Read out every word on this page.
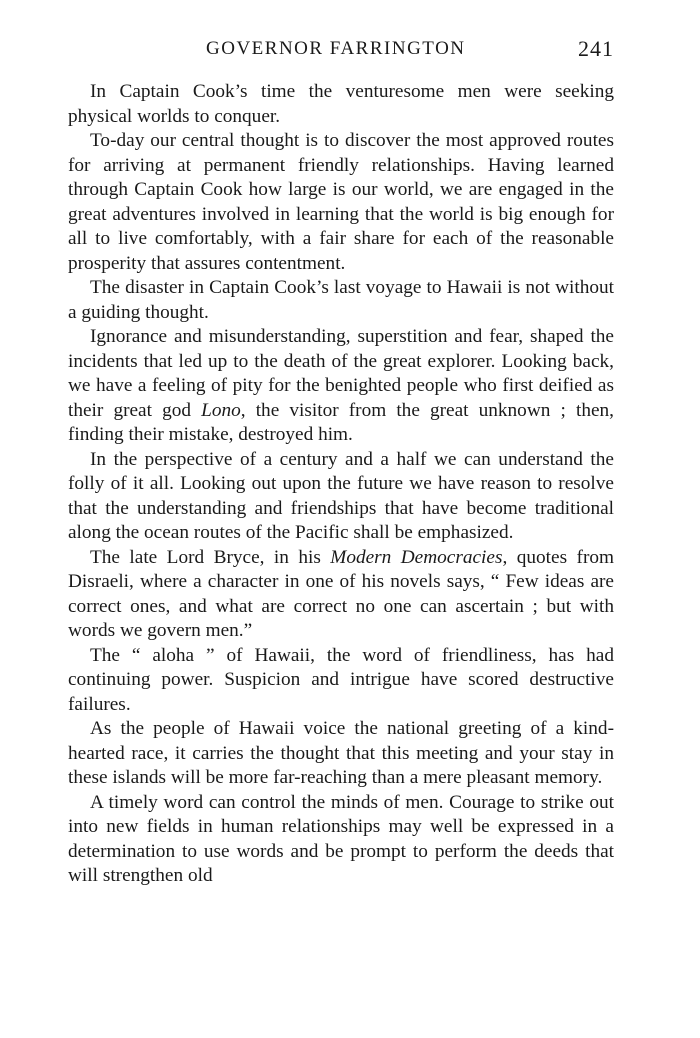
GOVERNOR FARRINGTON	241

In Captain Cook’s time the venturesome men were seeking physical worlds to conquer.

To-day our central thought is to discover the most approved routes for arriving at permanent friendly relationships. Having learned through Captain Cook how large is our world, we are engaged in the great adventures involved in learning that the world is big enough for all to live comfortably, with a fair share for each of the reasonable prosperity that assures contentment.

The disaster in Captain Cook’s last voyage to Hawaii is not without a guiding thought.

Ignorance and misunderstanding, superstition and fear, shaped the incidents that led up to the death of the great explorer. Looking back, we have a feeling of pity for the benighted people who first deified as their great god Lono, the visitor from the great unknown ; then, finding their mistake, destroyed him.

In the perspective of a century and a half we can understand the folly of it all. Looking out upon the future we have reason to resolve that the understanding and friendships that have become traditional along the ocean routes of the Pacific shall be emphasized.

The late Lord Bryce, in his Modern Democracies, quotes from Disraeli, where a character in one of his novels says, “ Few ideas are correct ones, and what are correct no one can ascertain ; but with words we govern men.”

The “ aloha ” of Hawaii, the word of friendliness, has had continuing power. Suspicion and intrigue have scored destructive failures.

As the people of Hawaii voice the national greeting of a kind-hearted race, it carries the thought that this meeting and your stay in these islands will be more far-reaching than a mere pleasant memory.

A timely word can control the minds of men. Courage to strike out into new fields in human relationships may well be expressed in a determination to use words and be prompt to perform the deeds that will strengthen old
